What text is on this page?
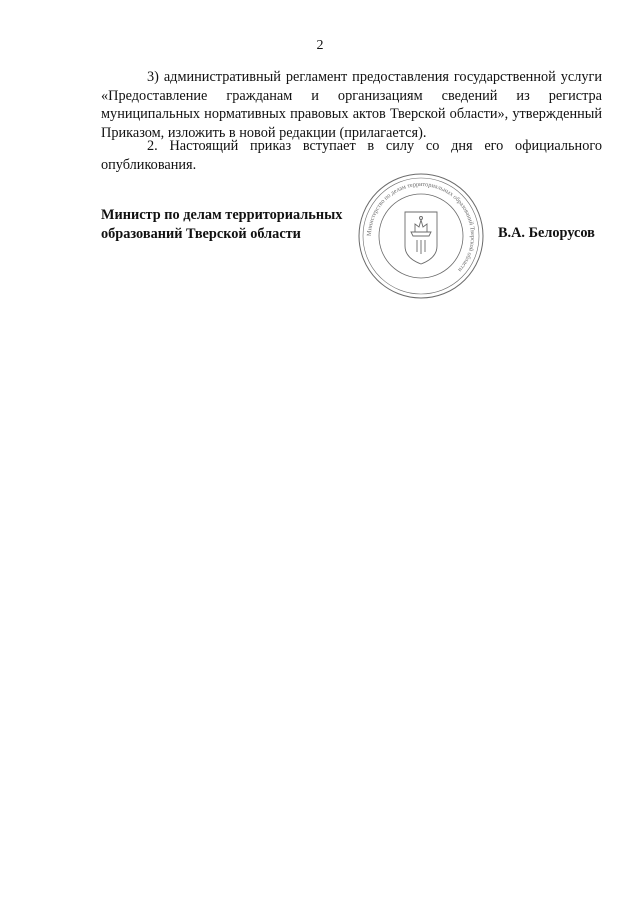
2
3) административный регламент предоставления государственной услуги «Предоставление гражданам и организациям сведений из регистра муниципальных нормативных правовых актов Тверской области», утвержденный Приказом, изложить в новой редакции (прилагается).
2. Настоящий приказ вступает в силу со дня его официального опубликования.
Министр по делам территориальных
образований Тверской области	Министерство по делам территориальных образований Тверской области
В.А. Белорусов
